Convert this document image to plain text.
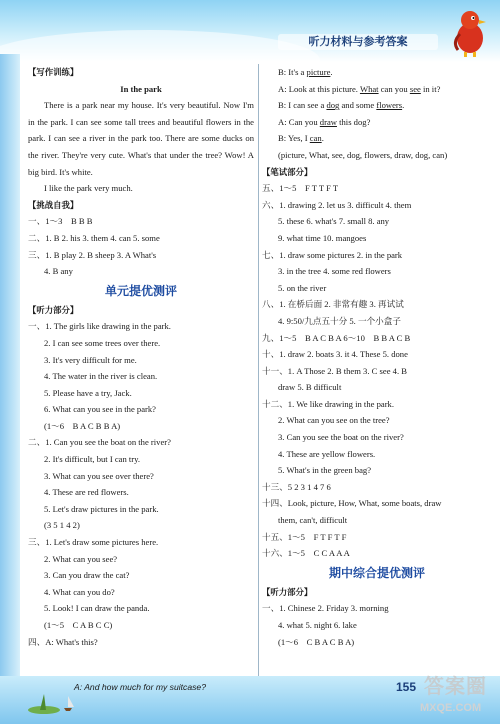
听力材料与参考答案
【写作训练】
In the park
There is a park near my house. It's very beautiful. Now I'm in the park. I can see some tall trees and beautiful flowers in the park. I can see a river in the park too. There are some ducks on the river. They're very cute. What's that under the tree? Wow! A big bird. It's white.
I like the park very much.
【挑战自我】
一、1～3　B B B
二、1. B 2. his 3. them 4. can 5. some
三、1. B play 2. B sheep 3. A What's
4. B any
单元提优测评
【听力部分】
一、1. The girls like drawing in the park.
2. I can see some trees over there.
3. It's very difficult for me.
4. The water in the river is clean.
5. Please have a try, Jack.
6. What can you see in the park?
(1～6　B A C B B A)
二、1. Can you see the boat on the river?
2. It's difficult, but I can try.
3. What can you see over there?
4. These are red flowers.
5. Let's draw pictures in the park.
(3 5 1 4 2)
三、1. Let's draw some pictures here.
2. What can you see?
3. Can you draw the cat?
4. What can you do?
5. Look! I can draw the panda.
(1～5　C A B C C)
四、A: What's this?
B: It's a picture.
A: Look at this picture. What can you see in it?
B: I can see a dog and some flowers.
A: Can you draw this dog?
B: Yes, I can.
(picture, What, see, dog, flowers, draw, dog, can)
【笔试部分】
五、1～5　F T T F T
六、1. drawing 2. let us 3. difficult 4. them
5. these 6. what's 7. small 8. any
9. what time 10. mangoes
七、1. draw some pictures 2. in the park
3. in the tree 4. some red flowers
5. on the river
八、1. 在桥后面 2. 非常有趣 3. 再试试
4. 9:50/九点五十分 5. 一个小盒子
九、1～5　B A C B A 6～10　B B A C B
十、1. draw 2. boats 3. it 4. These 5. done
十一、1. A Those 2. B them 3. C see 4. B
draw 5. B difficult
十二、1. We like drawing in the park.
2. What can you see on the tree?
3. Can you see the boat on the river?
4. These are yellow flowers.
5. What's in the green bag?
十三、5 2 3 1 4 7 6
十四、Look, picture, How, What, some boats, draw
them, can't, difficult
十五、1～5　F T F T F
十六、1～5　C C A A A
期中综合提优测评
【听力部分】
一、1. Chinese 2. Friday 3. morning
4. what 5. night 6. lake
(1～6　C B A C B A)
A: And how much for my suitcase?	155 答案圈
MXQE.COM
